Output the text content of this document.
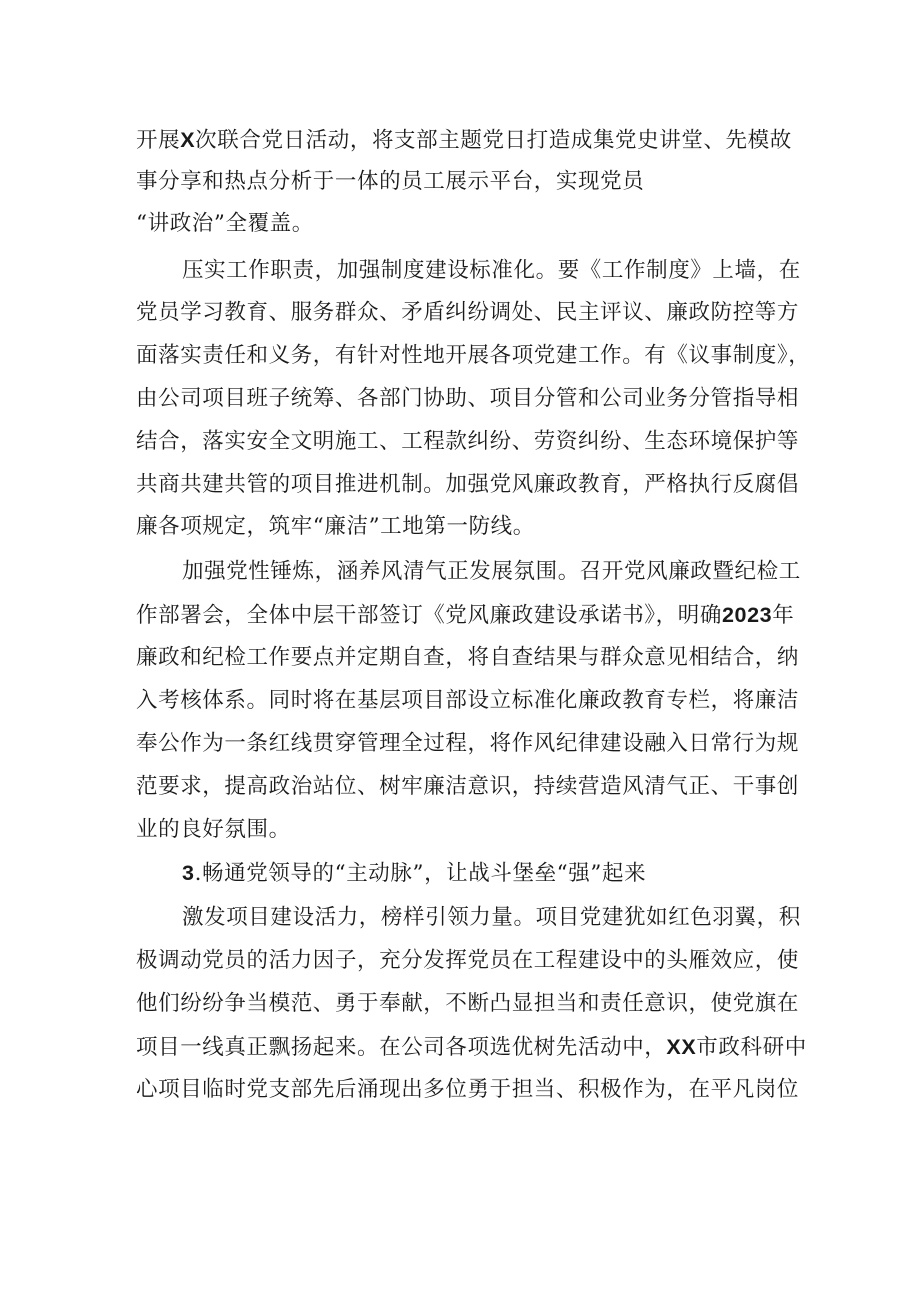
开展X次联合党日活动，将支部主题党日打造成集党史讲堂、先模故
事分享和热点分析于一体的员工展示平台，实现党员
“讲政治”全覆盖。
压实工作职责，加强制度建设标准化。要《工作制度》上墙，在
党员学习教育、服务群众、矛盾纠纷调处、民主评议、廉政防控等方
面落实责任和义务，有针对性地开展各项党建工作。有《议事制度》，
由公司项目班子统筹、各部门协助、项目分管和公司业务分管指导相
结合，落实安全文明施工、工程款纠纷、劳资纠纷、生态环境保护等
共商共建共管的项目推进机制。加强党风廉政教育，严格执行反腐倡
廉各项规定，筑牢“廉洁”工地第一防线。
加强党性锤炼，涵养风清气正发展氛围。召开党风廉政暨纪检工
作部署会，全体中层干部签订《党风廉政建设承诺书》，明确2023年
廉政和纪检工作要点并定期自查，将自查结果与群众意见相结合，纳
入考核体系。同时将在基层项目部设立标准化廉政教育专栏，将廉洁
奉公作为一条红线贯穿管理全过程，将作风纪律建设融入日常行为规
范要求，提高政治站位、树牢廉洁意识，持续营造风清气正、干事创
业的良好氛围。
3.畅通党领导的“主动脉”，让战斗堡垒“强”起来
激发项目建设活力，榜样引领力量。项目党建犹如红色羽翼，积
极调动党员的活力因子，充分发挥党员在工程建设中的头雁效应，使
他们纷纷争当模范、勇于奉献，不断凸显担当和责任意识，使党旗在
项目一线真正飘扬起来。在公司各项选优树先活动中，XX市政科研中
心项目临时党支部先后涌现出多位勇于担当、积极作为，在平凡岗位
